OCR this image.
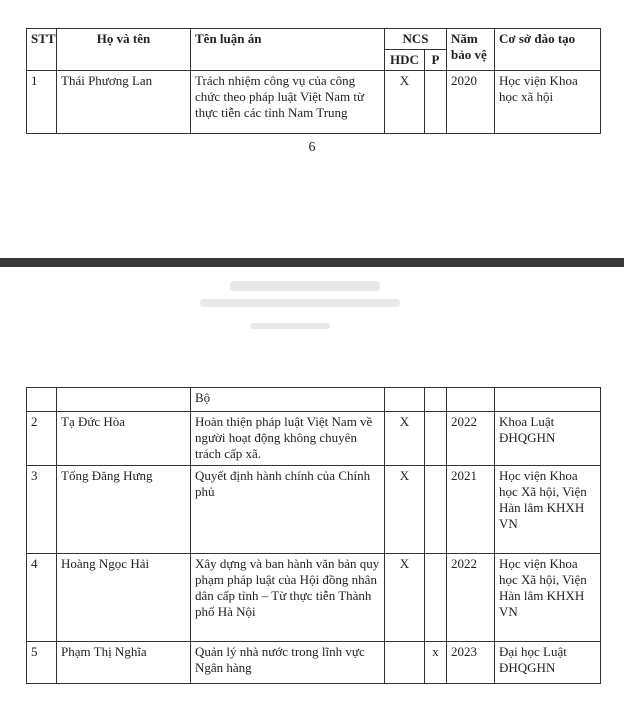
STT	Họ và tên	Tên luận án	NCS		Năm bảo vệ	Cơ sở đào tạo
			HDC	P		
1	Thái Phương Lan	Trách nhiệm công vụ của công chức theo pháp luật Việt Nam từ thực tiễn các tỉnh Nam Trung	X		2020	Học viện Khoa học xã hội
6
		Bộ				
2	Tạ Đức Hòa	Hoàn thiện pháp luật Việt Nam về người hoạt động không chuyên trách cấp xã.	X		2022	Khoa Luật ĐHQGHN
3	Tống Đăng Hưng	Quyết định hành chính của Chính phủ	X		2021	Học viện Khoa học Xã hội, Viện Hàn lâm KHXH VN
4	Hoàng Ngọc Hải	Xây dựng và ban hành văn bản quy phạm pháp luật của Hội đồng nhân dân cấp tỉnh – Từ thực tiễn Thành phố Hà Nội	X		2022	Học viện Khoa học Xã hội, Viện Hàn lâm KHXH VN
5	Phạm Thị Nghĩa	Quản lý nhà nước trong lĩnh vực Ngân hàng		x	2023	Đại học Luật ĐHQGHN
